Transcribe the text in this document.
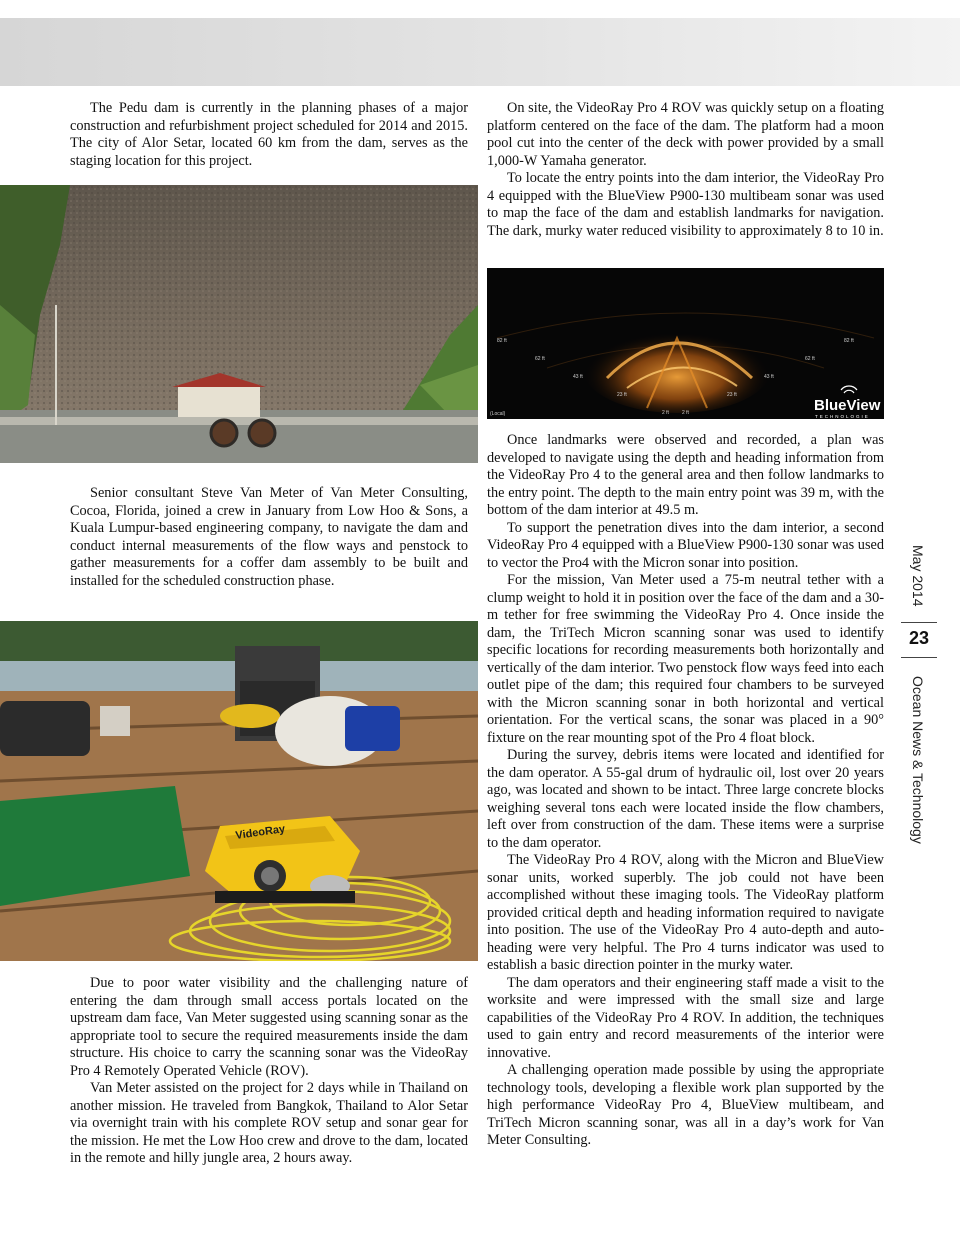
The Pedu dam is currently in the planning phases of a major construction and refurbishment project scheduled for 2014 and 2015. The city of Alor Setar, located 60 km from the dam, serves as the staging location for this project.

Senior consultant Steve Van Meter of Van Meter Consulting, Cocoa, Florida, joined a crew in January from Low Hoo & Sons, a Kuala Lumpur-based engineering company, to navigate the dam and conduct internal measurements of the flow ways and penstock to gather measurements for a coffer dam assembly to be built and installed for the scheduled construction phase.

VideoRay

Due to poor water visibility and the challenging nature of entering the dam through small access portals located on the upstream dam face, Van Meter suggested using scanning sonar as the appropriate tool to secure the required measurements inside the dam structure. His choice to carry the scanning sonar was the VideoRay Pro 4 Remotely Operated Vehicle (ROV).

Van Meter assisted on the project for 2 days while in Thailand on another mission. He traveled from Bangkok, Thailand to Alor Setar via overnight train with his complete ROV setup and sonar gear for the mission. He met the Low Hoo crew and drove to the dam, located in the remote and hilly jungle area, 2 hours away.

On site, the VideoRay Pro 4 ROV was quickly setup on a floating platform centered on the face of the dam. The platform had a moon pool cut into the center of the deck with power provided by a small 1,000-W Yamaha generator.

To locate the entry points into the dam interior, the VideoRay Pro 4 equipped with the BlueView P900-130 multibeam sonar was used to map the face of the dam and establish landmarks for navigation. The dark, murky water reduced visibility to approximately 8 to 10 in.

82 ft
62 ft
43 ft
23 ft
2 ft	2 ft
23 ft
43 ft
62 ft
82 ft
(Local)	BlueView
TECHNOLOGIE

Once landmarks were observed and recorded, a plan was developed to navigate using the depth and heading information from the VideoRay Pro 4 to the general area and then follow landmarks to the entry point. The depth to the main entry point was 39 m, with the bottom of the dam interior at 49.5 m.

To support the penetration dives into the dam interior, a second VideoRay Pro 4 equipped with a BlueView P900-130 sonar was used to vector the Pro4 with the Micron sonar into position.

For the mission, Van Meter used a 75-m neutral tether with a clump weight to hold it in position over the face of the dam and a 30-m tether for free swimming the VideoRay Pro 4. Once inside the dam, the TriTech Micron scanning sonar was used to identify specific locations for recording measurements both horizontally and vertically of the dam interior. Two penstock flow ways feed into each outlet pipe of the dam; this required four chambers to be surveyed with the Micron scanning sonar in both horizontal and vertical orientation. For the vertical scans, the sonar was placed in a 90° fixture on the rear mounting spot of the Pro 4 float block.

During the survey, debris items were located and identified for the dam operator. A 55-gal drum of hydraulic oil, lost over 20 years ago, was located and shown to be intact. Three large concrete blocks weighing several tons each were located inside the flow chambers, left over from construction of the dam. These items were a surprise to the dam operator.

The VideoRay Pro 4 ROV, along with the Micron and BlueView sonar units, worked superbly. The job could not have been accomplished without these imaging tools. The VideoRay platform provided critical depth and heading information required to navigate into position. The use of the VideoRay Pro 4 auto-depth and auto-heading were very helpful. The Pro 4 turns indicator was used to establish a basic direction pointer in the murky water.

The dam operators and their engineering staff made a visit to the worksite and were impressed with the small size and large capabilities of the VideoRay Pro 4 ROV. In addition, the techniques used to gain entry and record measurements of the interior were innovative.

A challenging operation made possible by using the appropriate technology tools, developing a flexible work plan supported by the high performance VideoRay Pro 4, BlueView multibeam, and TriTech Micron scanning sonar, was all in a day’s work for Van Meter Consulting.

May 2014
23
Ocean News & Technology
